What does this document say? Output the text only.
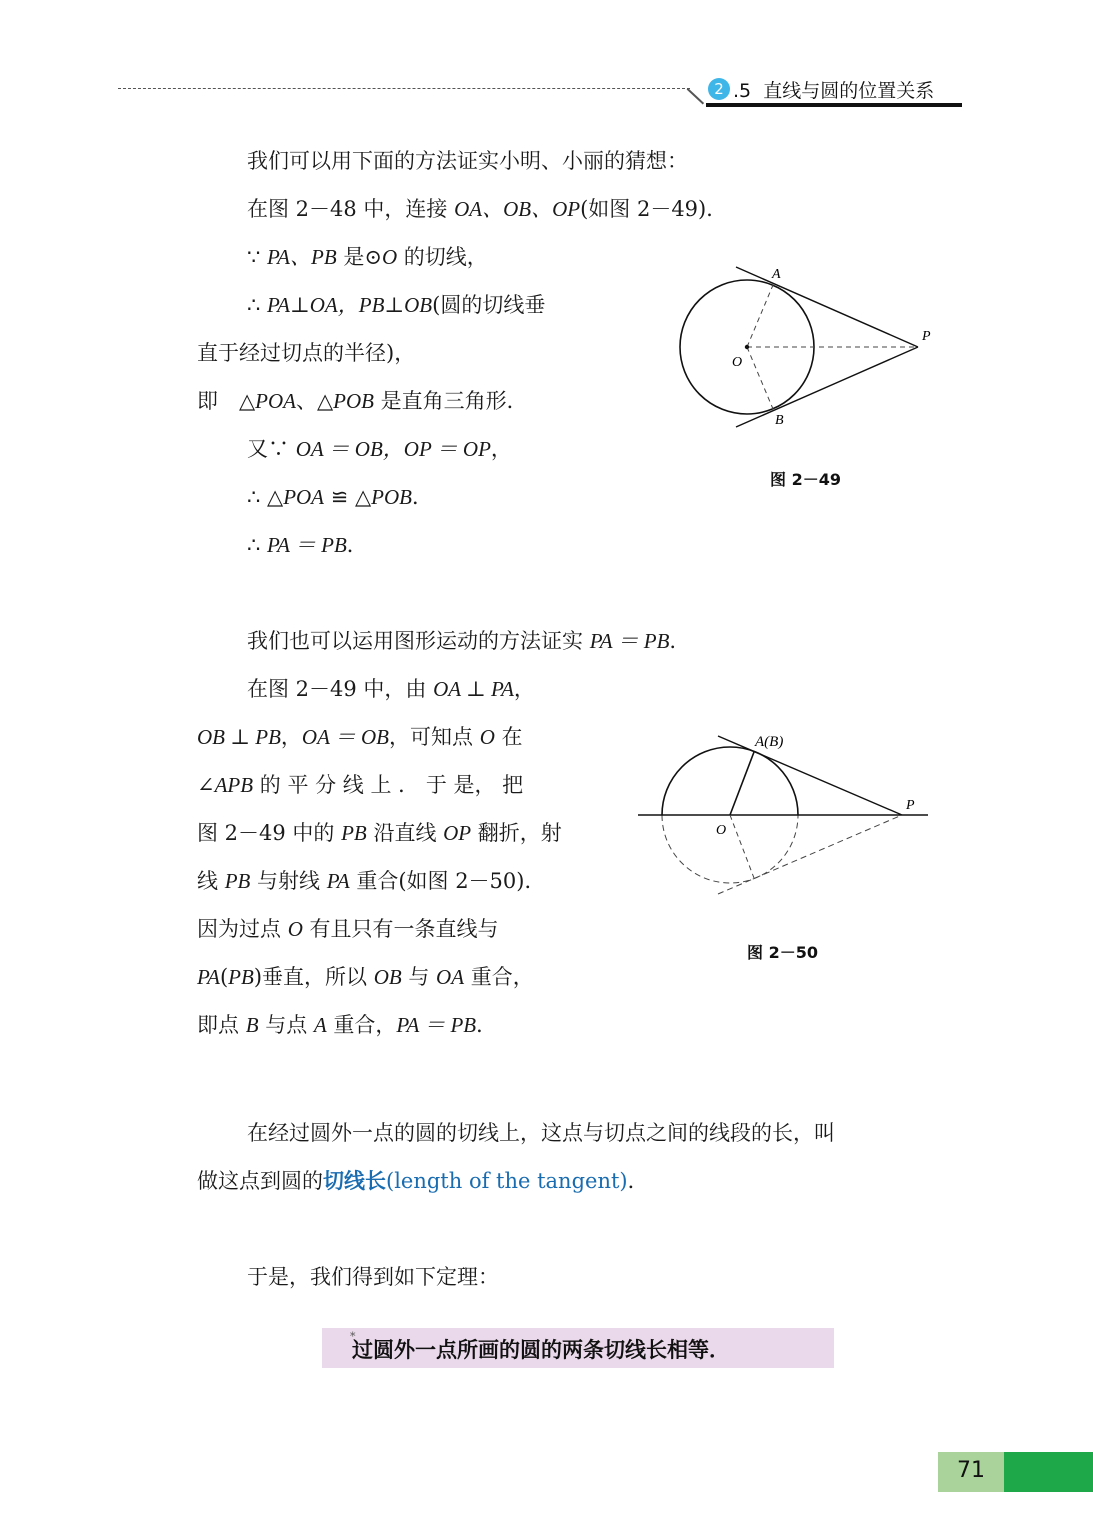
2 .5 直线与圆的位置关系
我们可以用下面的方法证实小明、小丽的猜想：
在图 2－48 中，连接 OA、OB、OP(如图 2－49)．
∵ PA、PB 是⊙O 的切线，
∴ PA⊥OA，PB⊥OB(圆的切线垂
直于经过切点的半径)，
即　△POA、△POB 是直角三角形．
又∵ OA ＝ OB，OP ＝ OP，
∴ △POA ≌ △POB．
∴ PA ＝ PB．
A
B
O
P
图 2－49
我们也可以运用图形运动的方法证实 PA ＝ PB.
在图 2－49 中，由 OA ⊥ PA，
OB ⊥ PB，OA ＝ OB，可知点 O 在
∠APB 的 平 分 线 上 ． 于 是， 把
图 2－49 中的 PB 沿直线 OP 翻折，射
线 PB 与射线 PA 重合(如图 2－50)．
因为过点 O 有且只有一条直线与
PA(PB)垂直，所以 OB 与 OA 重合，
即点 B 与点 A 重合，PA ＝ PB．
A(B)
O
P
图 2－50
在经过圆外一点的圆的切线上，这点与切点之间的线段的长，叫
做这点到圆的切线长(length of the tangent)．
于是，我们得到如下定理：
*
过圆外一点所画的圆的两条切线长相等．
71
